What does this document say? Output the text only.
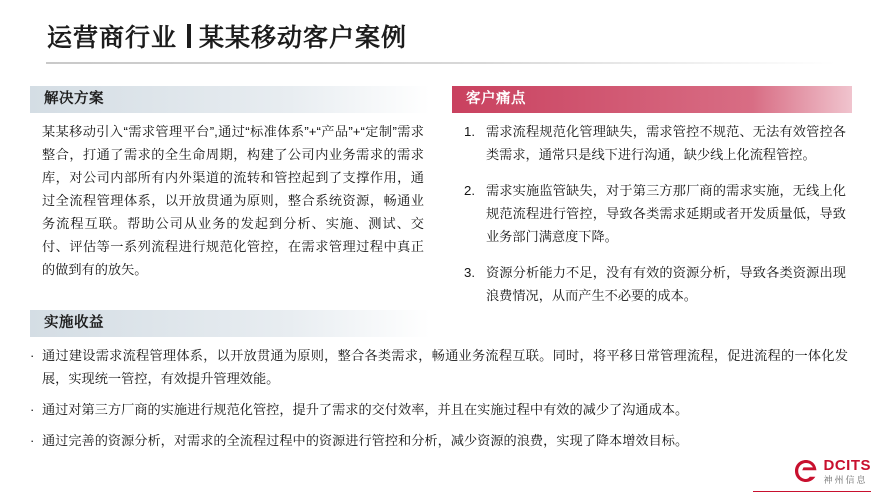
运营商行业 某某移动客户案例
解决方案	客户痛点
某某移动引入“需求管理平台”,通过“标准体系”+“产品”+“定制”需求整合，打通了需求的全生命周期，构建了公司内业务需求的需求库，对公司内部所有内外渠道的流转和管控起到了支撑作用，通过全流程管理体系，以开放贯通为原则，整合系统资源，畅通业务流程互联。帮助公司从业务的发起到分析、实施、测试、交付、评估等一系列流程进行规范化管控，在需求管理过程中真正的做到有的放矢。
1. 需求流程规范化管理缺失，需求管控不规范、无法有效管控各类需求，通常只是线下进行沟通，缺少线上化流程管控。
2. 需求实施监管缺失，对于第三方那厂商的需求实施，无线上化规范流程进行管控，导致各类需求延期或者开发质量低，导致业务部门满意度下降。
3. 资源分析能力不足，没有有效的资源分析，导致各类资源出现浪费情况，从而产生不必要的成本。
实施收益
· 通过建设需求流程管理体系，以开放贯通为原则，整合各类需求，畅通业务流程互联。同时，将平移日常管理流程，促进流程的一体化发展，实现统一管控，有效提升管理效能。
· 通过对第三方厂商的实施进行规范化管控，提升了需求的交付效率，并且在实施过程中有效的减少了沟通成本。
· 通过完善的资源分析，对需求的全流程过程中的资源进行管控和分析，减少资源的浪费，实现了降本增效目标。
DCITS
神州信息
